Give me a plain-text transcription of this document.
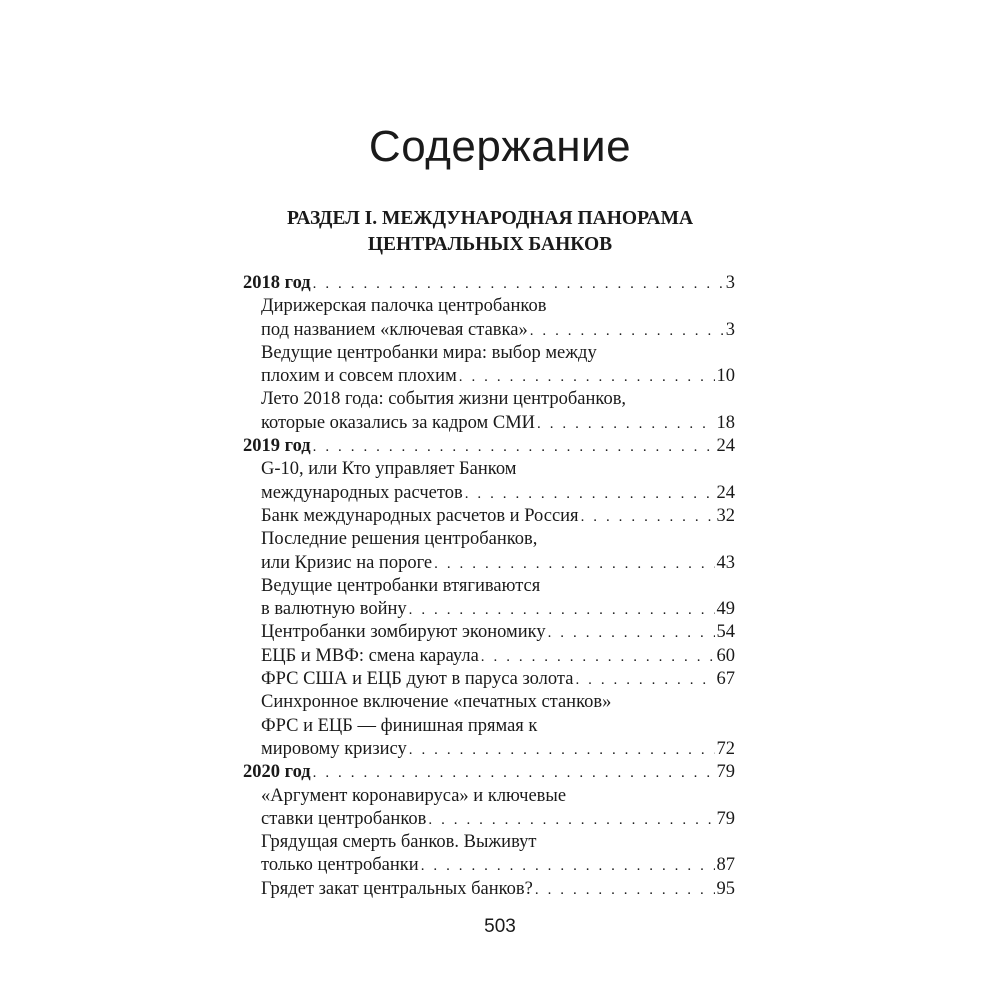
Содержание
РАЗДЕЛ I. МЕЖДУНАРОДНАЯ ПАНОРАМА
ЦЕНТРАЛЬНЫХ БАНКОВ
2018 год . . .	3
Дирижерская палочка центробанков
под названием «ключевая ставка» . . .	3
Ведущие центробанки мира: выбор между
плохим и совсем плохим . . .	10
Лето 2018 года: события жизни центробанков,
которые оказались за кадром СМИ . . .	18
2019 год . . .	24
G-10, или Кто управляет Банком
международных расчетов . . .	24
Банк международных расчетов и Россия . . .	32
Последние решения центробанков,
или Кризис на пороге . . .	43
Ведущие центробанки втягиваются
в валютную войну . . .	49
Центробанки зомбируют экономику . . .	54
ЕЦБ и МВФ: смена караула . . .	60
ФРС США и ЕЦБ дуют в паруса золота . . .	67
Синхронное включение «печатных станков»
ФРС и ЕЦБ — финишная прямая к
мировому кризису . . .	72
2020 год . . .	79
«Аргумент коронавируса» и ключевые
ставки центробанков . . .	79
Грядущая смерть банков. Выживут
только центробанки . . .	87
Грядет закат центральных банков? . . .	95
503
